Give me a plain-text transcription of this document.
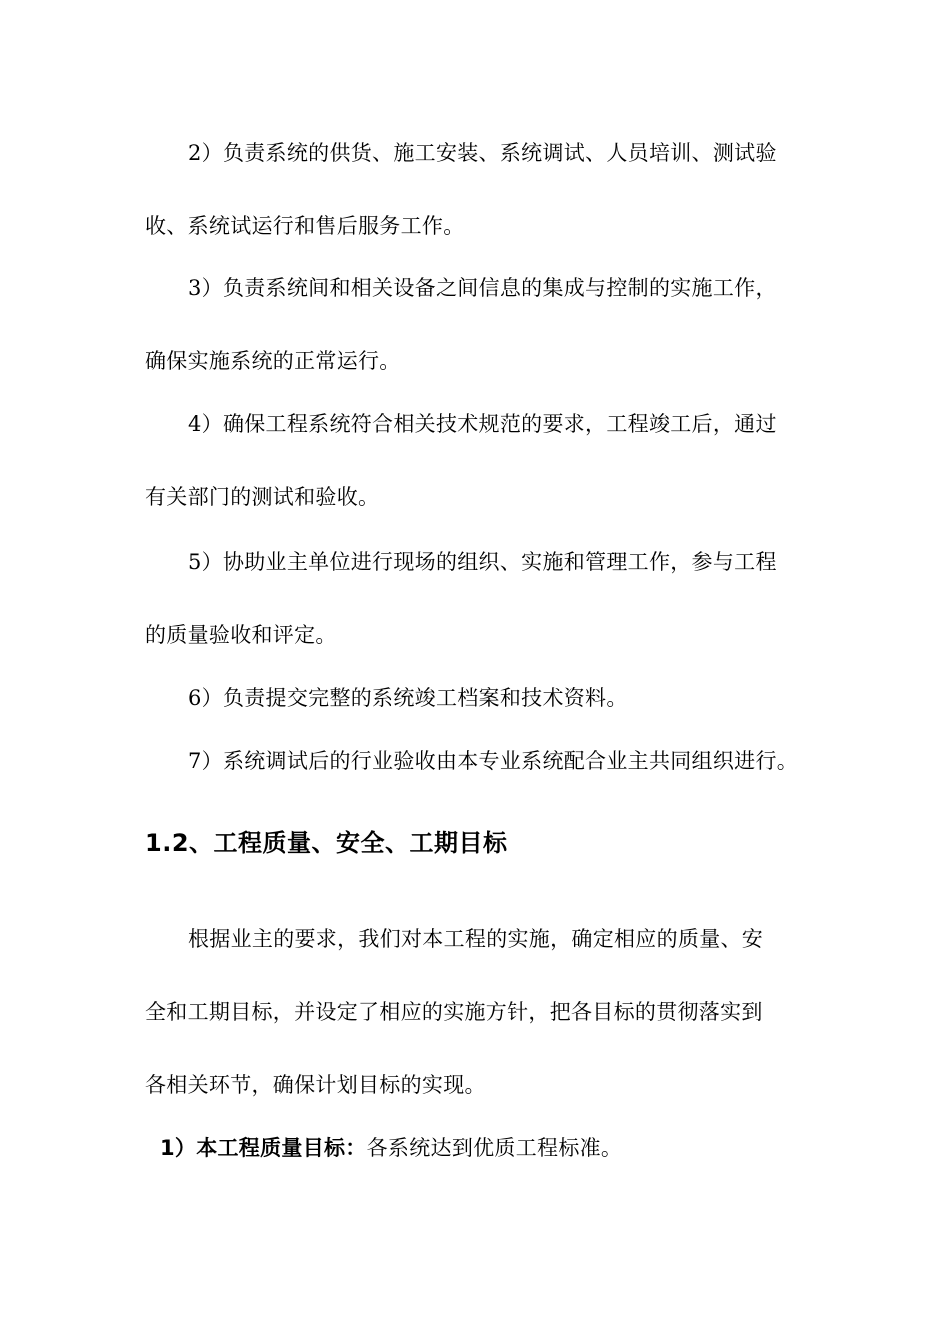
2）负责系统的供货、施工安装、系统调试、人员培训、测试验
收、系统试运行和售后服务工作。
3）负责系统间和相关设备之间信息的集成与控制的实施工作，
确保实施系统的正常运行。
4）确保工程系统符合相关技术规范的要求，工程竣工后，通过
有关部门的测试和验收。
5）协助业主单位进行现场的组织、实施和管理工作，参与工程
的质量验收和评定。
6）负责提交完整的系统竣工档案和技术资料。
7）系统调试后的行业验收由本专业系统配合业主共同组织进行。
1.2、工程质量、安全、工期目标
根据业主的要求，我们对本工程的实施，确定相应的质量、安
全和工期目标，并设定了相应的实施方针，把各目标的贯彻落实到
各相关环节，确保计划目标的实现。
1）本工程质量目标：各系统达到优质工程标准。
